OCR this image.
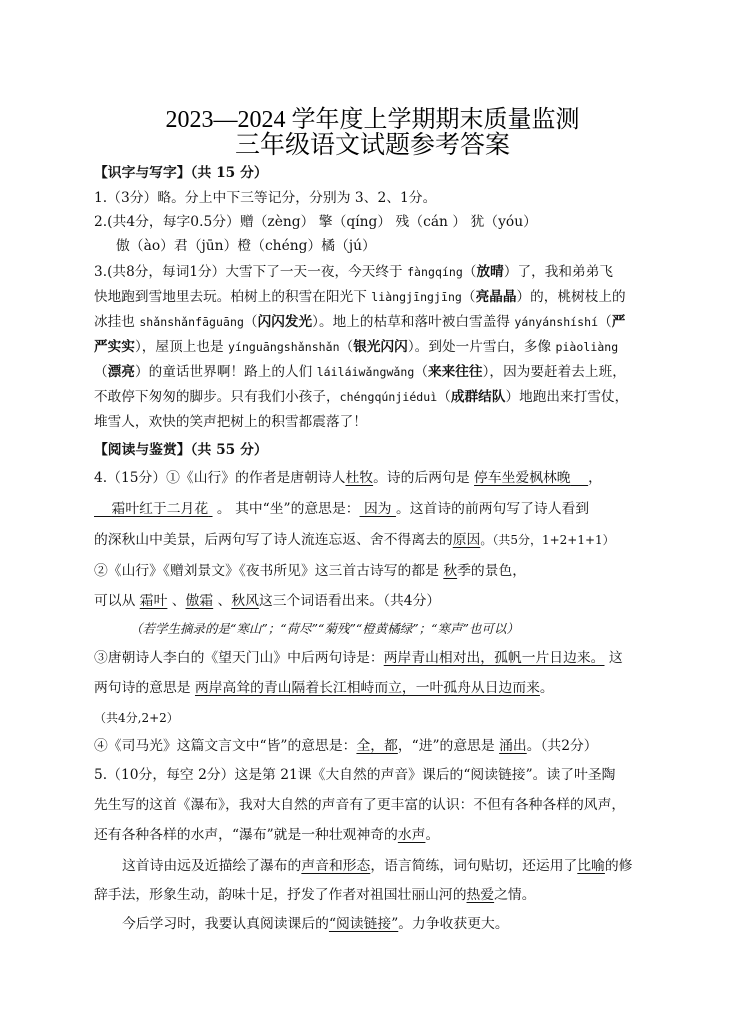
2023—2024 学年度上学期期末质量监测
三年级语文试题参考答案
【识字与写字】（共 15 分）
1.（3分）略。分上中下三等记分，分别为 3、2、1分。
2.(共4分，每字0.5分）赠（zèng） 擎（qíng） 残（cán ） 犹（yóu）
傲（ào）君（jūn）橙（chéng）橘（jú）
3.(共8分，每词1分）大雪下了一天一夜，今天终于 fàngqíng（放晴）了，我和弟弟飞
快地跑到雪地里去玩。柏树上的积雪在阳光下 liàngjīngjīng（亮晶晶）的，桃树枝上的
冰挂也 shǎnshǎnfāguāng（闪闪发光）。地上的枯草和落叶被白雪盖得 yányánshíshí（严
严实实），屋顶上也是 yínguāngshǎnshǎn（银光闪闪）。到处一片雪白，多像 piàoliàng
（漂亮）的童话世界啊！路上的人们 láiláiwǎngwǎng（来来往往），因为要赶着去上班，
不敢停下匆匆的脚步。只有我们小孩子，chéngqúnjiéduì（成群结队）地跑出来打雪仗，
堆雪人，欢快的笑声把树上的积雪都震落了！
【阅读与鉴赏】（共 55 分）
4.（15分）①《山行》的作者是唐朝诗人杜牧。诗的后两句是 停车坐爱枫林晚 ，
霜叶红于二月花  。 其中“坐”的意思是： 因为 。这首诗的前两句写了诗人看到
的深秋山中美景，后两句写了诗人流连忘返、舍不得离去的原因。（共5分，1+2+1+1）
②《山行》《赠刘景文》《夜书所见》这三首古诗写的都是 秋季的景色，
可以从 霜叶 、傲霜 、秋风这三个词语看出来。（共4分）
（若学生摘录的是“寒山”；“荷尽”“菊残”“橙黄橘绿”；“寒声”也可以）
③唐朝诗人李白的《望天门山》中后两句诗是：两岸青山相对出，孤帆一片日边来。 这
两句诗的意思是 两岸高耸的青山隔着长江相峙而立，一叶孤舟从日边而来。
（共4分,2+2）
④《司马光》这篇文言文中“皆”的意思是：全，都，“进”的意思是 涌出。（共2分）
5.（10分，每空 2分）这是第 21课《大自然的声音》课后的“阅读链接”。读了叶圣陶
先生写的这首《瀑布》，我对大自然的声音有了更丰富的认识：不但有各种各样的风声，
还有各种各样的水声，“瀑布”就是一种壮观神奇的水声。
这首诗由远及近描绘了瀑布的声音和形态，语言简练，词句贴切，还运用了比喻的修
辞手法，形象生动，韵味十足，抒发了作者对祖国壮丽山河的热爱之情。
今后学习时，我要认真阅读课后的“阅读链接”。力争收获更大。
